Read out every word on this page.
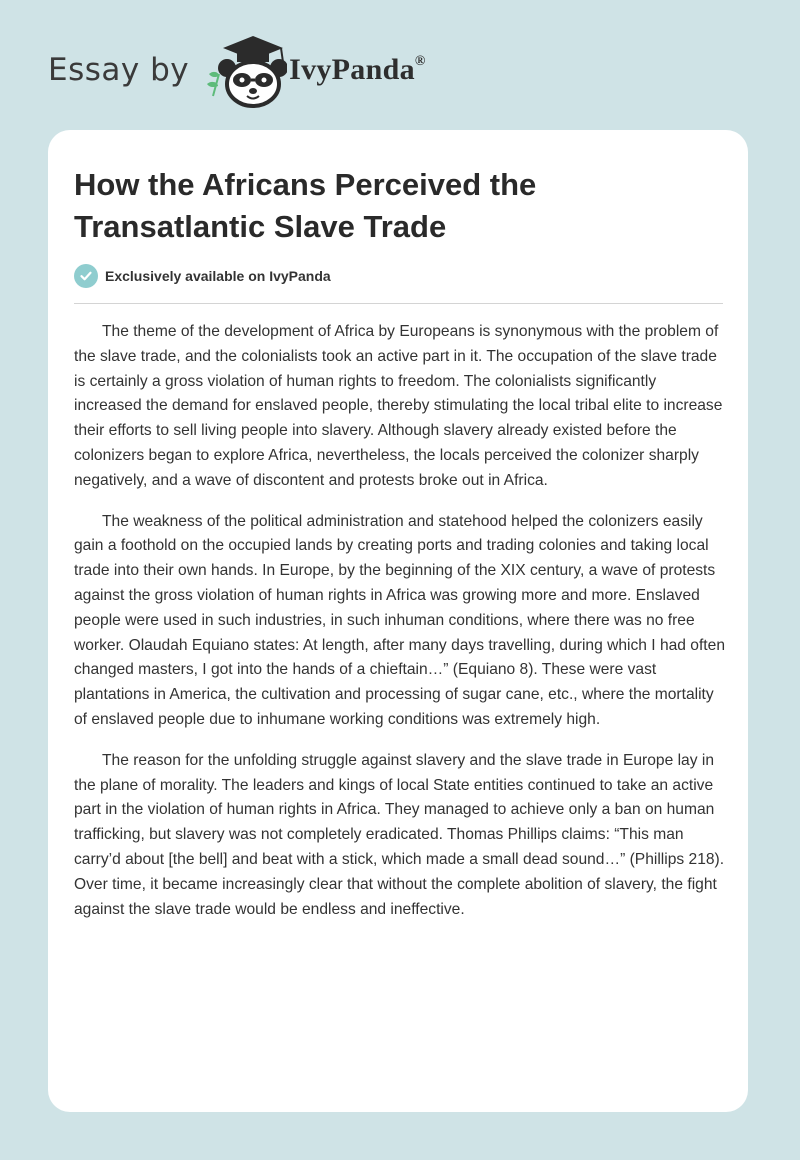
Essay by	IvyPanda®
How the Africans Perceived the Transatlantic Slave Trade
Exclusively available on IvyPanda

The theme of the development of Africa by Europeans is synonymous with the problem of the slave trade, and the colonialists took an active part in it. The occupation of the slave trade is certainly a gross violation of human rights to freedom. The colonialists significantly increased the demand for enslaved people, thereby stimulating the local tribal elite to increase their efforts to sell living people into slavery. Although slavery already existed before the colonizers began to explore Africa, nevertheless, the locals perceived the colonizer sharply negatively, and a wave of discontent and protests broke out in Africa.

The weakness of the political administration and statehood helped the colonizers easily gain a foothold on the occupied lands by creating ports and trading colonies and taking local trade into their own hands. In Europe, by the beginning of the XIX century, a wave of protests against the gross violation of human rights in Africa was growing more and more. Enslaved people were used in such industries, in such inhuman conditions, where there was no free worker. Olaudah Equiano states: At length, after many days travelling, during which I had often changed masters, I got into the hands of a chieftain…” (Equiano 8). These were vast plantations in America, the cultivation and processing of sugar cane, etc., where the mortality of enslaved people due to inhumane working conditions was extremely high.

The reason for the unfolding struggle against slavery and the slave trade in Europe lay in the plane of morality. The leaders and kings of local State entities continued to take an active part in the violation of human rights in Africa. They managed to achieve only a ban on human trafficking, but slavery was not completely eradicated. Thomas Phillips claims: “This man carry’d about [the bell] and beat with a stick, which made a small dead sound…” (Phillips 218). Over time, it became increasingly clear that without the complete abolition of slavery, the fight against the slave trade would be endless and ineffective.
